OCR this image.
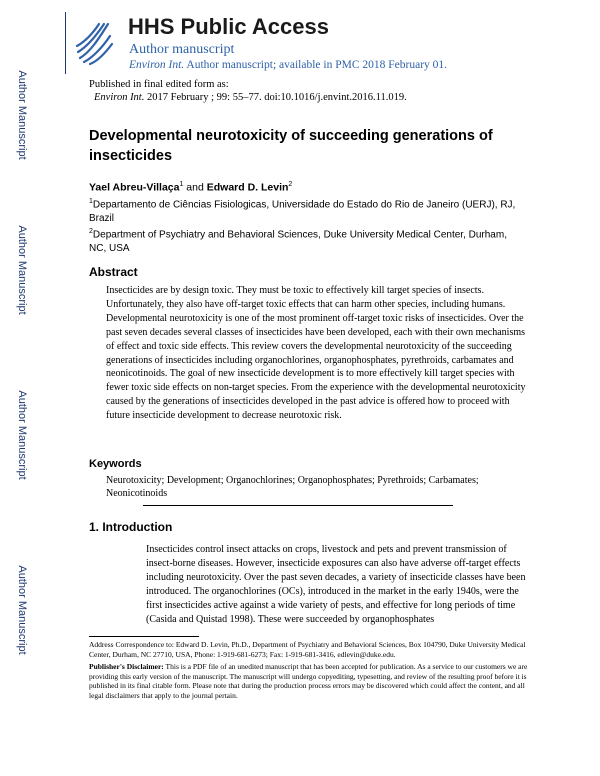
Author Manuscript
Author Manuscript
Author Manuscript
Author Manuscript
HHS Public Access
Author manuscript
Environ Int. Author manuscript; available in PMC 2018 February 01.
Published in final edited form as:
Environ Int. 2017 February ; 99: 55–77. doi:10.1016/j.envint.2016.11.019.
Developmental neurotoxicity of succeeding generations of insecticides
Yael Abreu-Villaça$^1$ and Edward D. Levin$^2$
$^1$Departamento de Ciências Fisiologicas, Universidade do Estado do Rio de Janeiro (UERJ), RJ, Brazil
$^2$Department of Psychiatry and Behavioral Sciences, Duke University Medical Center, Durham, NC, USA
Abstract

Insecticides are by design toxic. They must be toxic to effectively kill target species of insects. Unfortunately, they also have off-target toxic effects that can harm other species, including humans. Developmental neurotoxicity is one of the most prominent off-target toxic risks of insecticides. Over the past seven decades several classes of insecticides have been developed, each with their own mechanisms of effect and toxic side effects. This review covers the developmental neurotoxicity of the succeeding generations of insecticides including organochlorines, organophosphates, pyrethroids, carbamates and neonicotinoids. The goal of new insecticide development is to more effectively kill target species with fewer toxic side effects on non-target species. From the experience with the developmental neurotoxicity caused by the generations of insecticides developed in the past advice is offered how to proceed with future insecticide development to decrease neurotoxic risk.

Keywords

Neurotoxicity; Development; Organochlorines; Organophosphates; Pyrethroids; Carbamates; Neonicotinoids

1. Introduction

Insecticides control insect attacks on crops, livestock and pets and prevent transmission of insect-borne diseases. However, insecticide exposures can also have adverse off-target effects including neurotoxicity. Over the past seven decades, a variety of insecticide classes have been introduced. The organochlorines (OCs), introduced in the market in the early 1940s, were the first insecticides active against a wide variety of pests, and effective for long periods of time (Casida and Quistad 1998). These were succeeded by organophosphates

Address Correspondence to: Edward D. Levin, Ph.D., Department of Psychiatry and Behavioral Sciences, Box 104790, Duke University Medical Center, Durham, NC 27710, USA, Phone: 1-919-681-6273; Fax: 1-919-681-3416, edlevin@duke.edu.

Publisher's Disclaimer: This is a PDF file of an unedited manuscript that has been accepted for publication. As a service to our customers we are providing this early version of the manuscript. The manuscript will undergo copyediting, typesetting, and review of the resulting proof before it is published in its final citable form. Please note that during the production process errors may be discovered which could affect the content, and all legal disclaimers that apply to the journal pertain.
